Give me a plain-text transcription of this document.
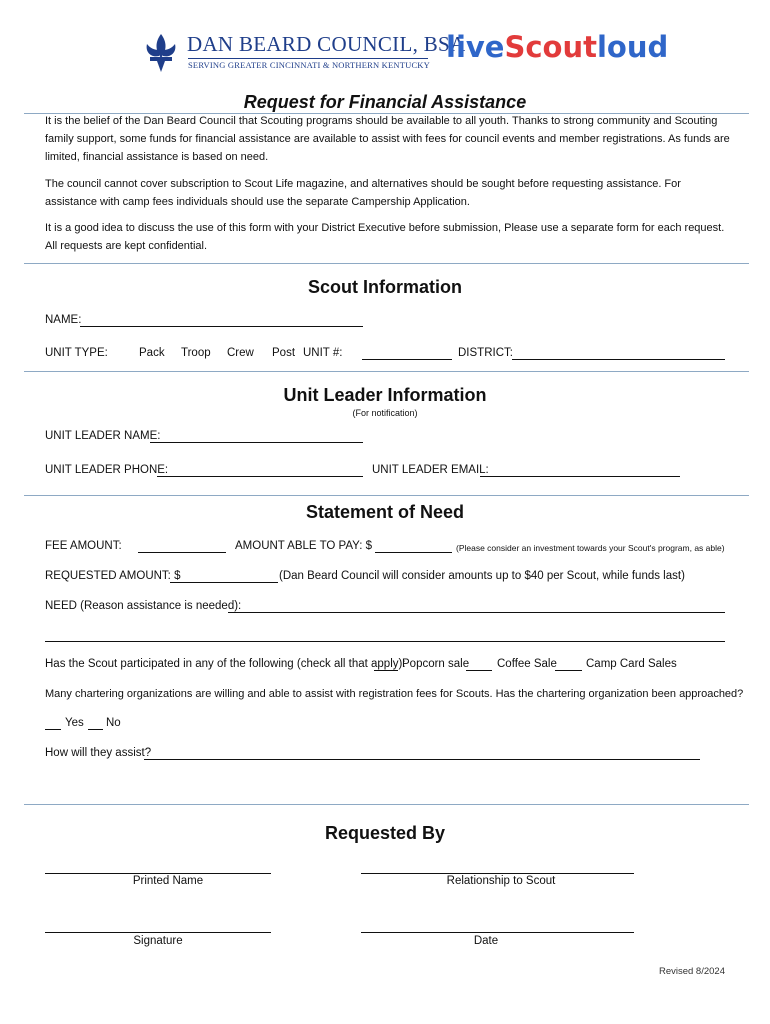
DAN BEARD COUNCIL, BSA
SERVING GREATER CINCINNATI & NORTHERN KENTUCKY
liveScoutloud
Request for Financial Assistance
It is the belief of the Dan Beard Council that Scouting programs should be available to all youth. Thanks to strong community and Scouting family support, some funds for financial assistance are available to assist with fees for council events and member registrations. As funds are limited, financial assistance is based on need.
The council cannot cover subscription to Scout Life magazine, and alternatives should be sought before requesting assistance. For assistance with camp fees individuals should use the separate Campership Application.
It is a good idea to discuss the use of this form with your District Executive before submission, Please use a separate form for each request. All requests are kept confidential.
Scout Information
NAME:
UNIT TYPE:	Pack Troop Crew Post UNIT #:	DISTRICT:
Unit Leader Information
(For notification)
UNIT LEADER NAME:
UNIT LEADER PHONE:	UNIT LEADER EMAIL:
Statement of Need
FEE AMOUNT:	AMOUNT ABLE TO PAY: $	(Please consider an investment towards your Scout's program, as able)
REQUESTED AMOUNT: $	(Dan Beard Council will consider amounts up to $40 per Scout, while funds last)
NEED (Reason assistance is needed):
Has the Scout participated in any of the following (check all that apply):
Popcorn sale Coffee Sale	Camp Card Sales
Many chartering organizations are willing and able to assist with registration fees for Scouts. Has the chartering organization been approached?
Yes No
How will they assist?
Requested By
Printed Name	Relationship to Scout
Signature	Date
Revised 8/2024
